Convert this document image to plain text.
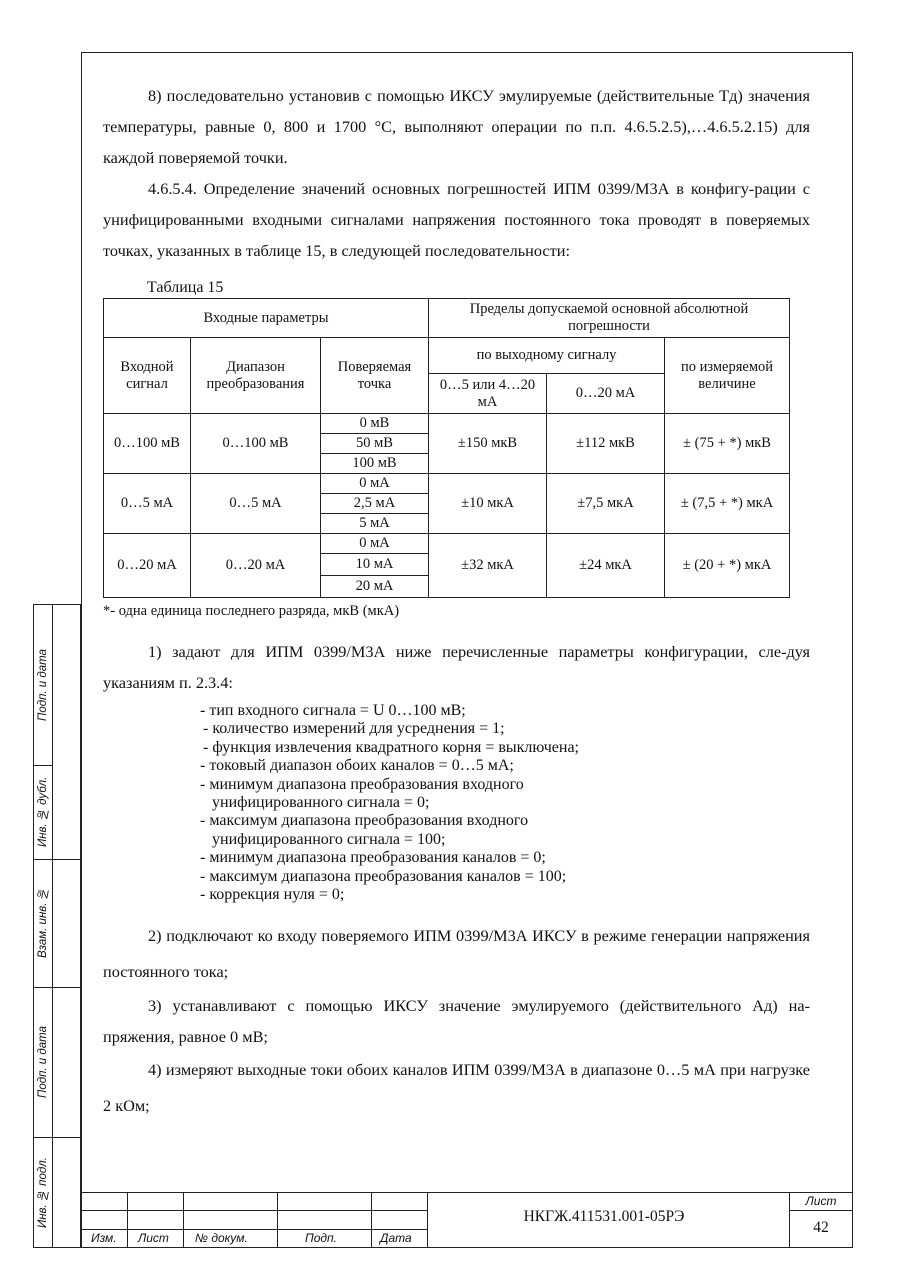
8) последовательно установив с помощью ИКСУ эмулируемые (действительные Tд) значения температуры, равные 0, 800 и 1700 °С, выполняют операции по п.п. 4.6.5.2.5),…4.6.5.2.15) для каждой поверяемой точки.

4.6.5.4. Определение значений основных погрешностей ИПМ 0399/М3А в конфигу-рации с унифицированными входными сигналами напряжения постоянного тока проводят в поверяемых точках, указанных в таблице 15, в следующей последовательности:

Таблица 15
Входные параметры			Пределы допускаемой основной абсолютной погрешности		
Входной сигнал	Диапазон преобразования	Поверяемая точка	по выходному сигналу		по измеряемой величине
			0…5 или 4…20 мА	0…20 мА	
0…100 мВ	0…100 мВ	0 мВ	±150 мкВ	±112 мкВ	± (75 + *) мкВ
		50 мВ			
		100 мВ			
0…5 мА	0…5 мА	0 мА	±10 мкА	±7,5 мкА	± (7,5 + *) мкА
		2,5 мА			
		5 мА			
0…20 мА	0…20 мА	0 мА	±32 мкА	±24 мкА	± (20 + *) мкА
		10 мА			
		20 мА			
*- одна единица последнего разряда, мкВ (мкА)

1) задают для ИПМ 0399/М3А ниже перечисленные параметры конфигурации, сле-дуя указаниям п. 2.3.4:

- тип входного сигнала = U 0…100 мВ;
- количество измерений для усреднения = 1;
- функция извлечения квадратного корня = выключена;
- токовый диапазон обоих каналов = 0…5 мА;
- минимум диапазона преобразования входного
унифицированного сигнала = 0;
- максимум диапазона преобразования входного
унифицированного сигнала = 100;
- минимум диапазона преобразования каналов = 0;
- максимум диапазона преобразования каналов = 100;
- коррекция нуля = 0;

2) подключают ко входу поверяемого ИПМ 0399/М3А ИКСУ в режиме генерации напряжения постоянного тока;

3) устанавливают с помощью ИКСУ значение эмулируемого (действительного Ад) на-пряжения, равное 0 мВ;

4) измеряют выходные токи обоих каналов ИПМ 0399/М3А в диапазоне 0…5 мА при нагрузке 2 кОм;

Подп. и дата
Инв. № дубл.
Взам. инв. №
Подп. и дата
Инв. № подл.
Изм. Лист № докум.	Подп.	Дата
НКГЖ.411531.001-05РЭ
Лист
42
